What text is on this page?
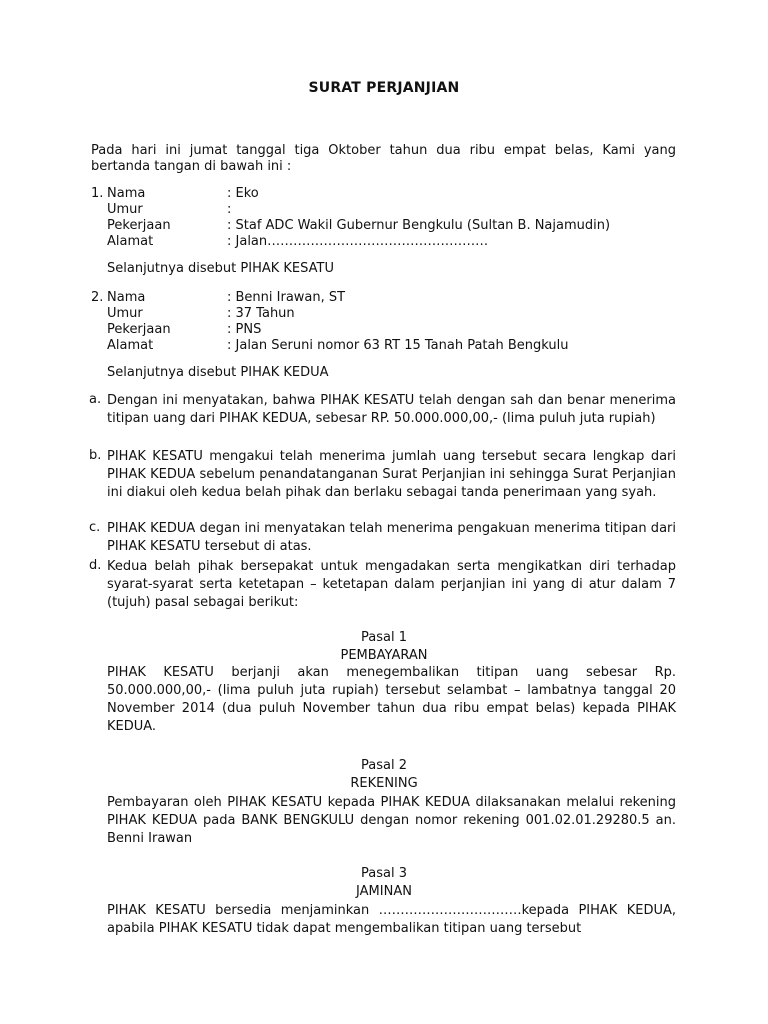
SURAT PERJANJIAN
Pada hari ini jumat tanggal tiga Oktober tahun dua ribu empat belas, Kami yang bertanda tangan di bawah ini :
1. Nama	: Eko
Umur	:
Pekerjaan	: Staf ADC Wakil Gubernur Bengkulu (Sultan B. Najamudin)
Alamat	: Jalan……………………………………………
Selanjutnya disebut PIHAK KESATU
2. Nama	: Benni Irawan, ST
Umur	: 37 Tahun
Pekerjaan	: PNS
Alamat	: Jalan Seruni nomor 63 RT 15 Tanah Patah Bengkulu
Selanjutnya disebut PIHAK KEDUA
a. Dengan ini menyatakan, bahwa PIHAK KESATU telah dengan sah dan benar menerima titipan uang dari PIHAK KEDUA, sebesar RP. 50.000.000,00,- (lima puluh juta rupiah)
b. PIHAK KESATU mengakui telah menerima jumlah uang tersebut secara lengkap dari PIHAK KEDUA sebelum penandatanganan Surat Perjanjian ini sehingga Surat Perjanjian ini diakui oleh kedua belah pihak dan berlaku sebagai tanda penerimaan yang syah.
c. PIHAK KEDUA degan ini menyatakan telah menerima pengakuan menerima titipan dari PIHAK KESATU tersebut di atas.
d. Kedua belah pihak bersepakat untuk mengadakan serta mengikatkan diri terhadap syarat-syarat serta ketetapan – ketetapan dalam perjanjian ini yang di atur dalam 7 (tujuh) pasal sebagai berikut:
Pasal 1
PEMBAYARAN
PIHAK KESATU berjanji akan menegembalikan titipan uang sebesar Rp. 50.000.000,00,- (lima puluh juta rupiah) tersebut selambat – lambatnya tanggal 20 November 2014 (dua puluh November tahun dua ribu empat belas) kepada PIHAK KEDUA.
Pasal 2
REKENING
Pembayaran oleh PIHAK KESATU kepada PIHAK KEDUA dilaksanakan melalui rekening PIHAK KEDUA pada BANK BENGKULU dengan nomor rekening 001.02.01.29280.5 an. Benni Irawan
Pasal 3
JAMINAN
PIHAK KESATU bersedia menjaminkan ……………………………kepada PIHAK KEDUA, apabila PIHAK KESATU tidak dapat mengembalikan titipan uang tersebut
